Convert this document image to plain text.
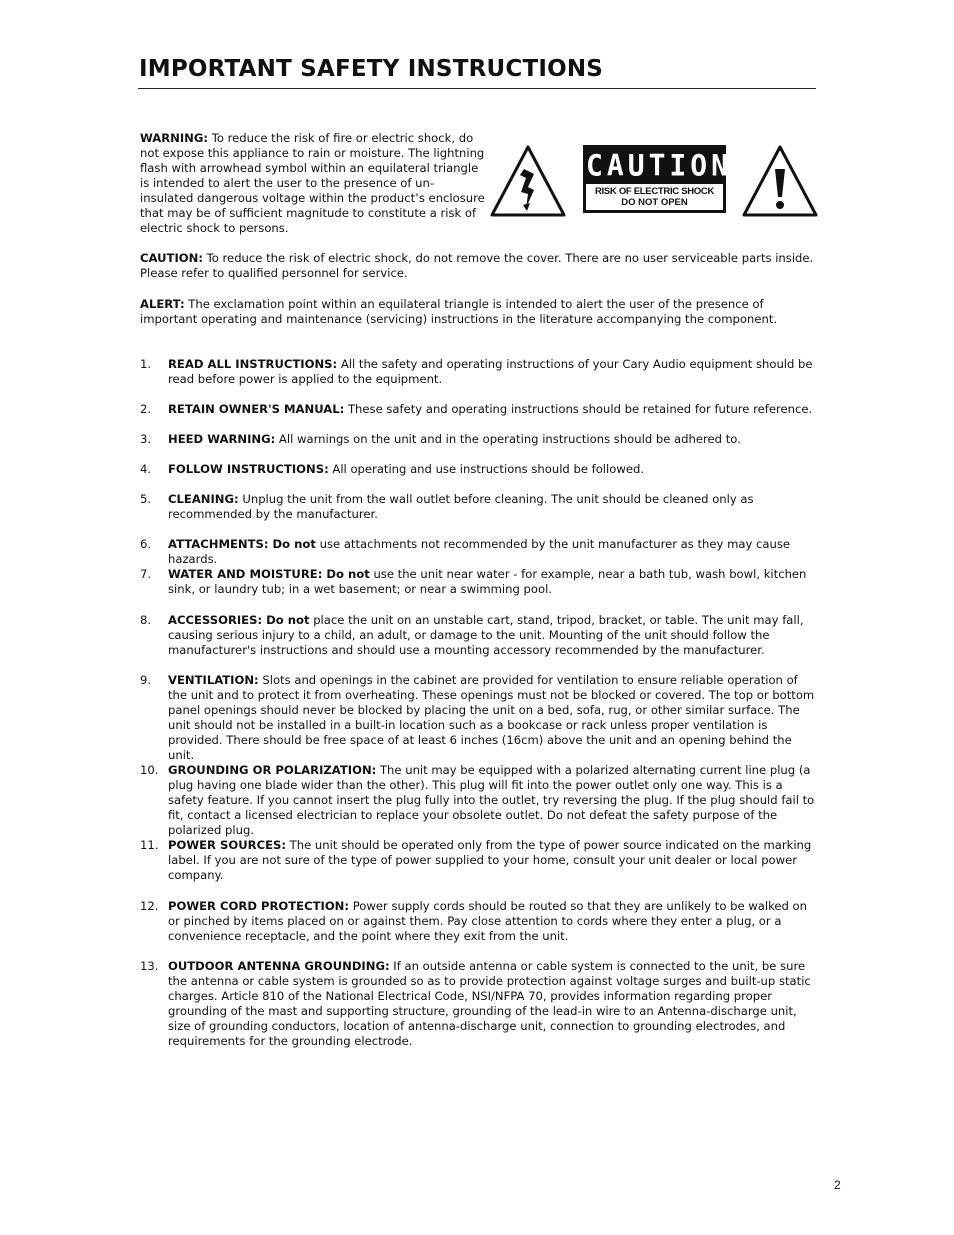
IMPORTANT SAFETY INSTRUCTIONS

WARNING: To reduce the risk of fire or electric shock, do not expose this appliance to rain or moisture. The lightning flash with arrowhead symbol within an equilateral triangle is intended to alert the user to the presence of un-insulated dangerous voltage within the product’s enclosure that may be of sufficient magnitude to constitute a risk of electric shock to persons.

CAUTION
RISK OF ELECTRIC SHOCK
DO NOT OPEN

CAUTION: To reduce the risk of electric shock, do not remove the cover. There are no user serviceable parts inside. Please refer to qualified personnel for service.

ALERT: The exclamation point within an equilateral triangle is intended to alert the user of the presence of important operating and maintenance (servicing) instructions in the literature accompanying the component.

1.	READ ALL INSTRUCTIONS: All the safety and operating instructions of your Cary Audio equipment should be read before power is applied to the equipment.
2.	RETAIN OWNER'S MANUAL: These safety and operating instructions should be retained for future reference.
3.	HEED WARNING: All warnings on the unit and in the operating instructions should be adhered to.
4.	FOLLOW INSTRUCTIONS: All operating and use instructions should be followed.
5.	CLEANING: Unplug the unit from the wall outlet before cleaning. The unit should be cleaned only as recommended by the manufacturer.
6.	ATTACHMENTS: Do not use attachments not recommended by the unit manufacturer as they may cause hazards.
7.	WATER AND MOISTURE: Do not use the unit near water - for example, near a bath tub, wash bowl, kitchen sink, or laundry tub; in a wet basement; or near a swimming pool.
8.	ACCESSORIES: Do not place the unit on an unstable cart, stand, tripod, bracket, or table. The unit may fall, causing serious injury to a child, an adult, or damage to the unit. Mounting of the unit should follow the manufacturer's instructions and should use a mounting accessory recommended by the manufacturer.
9.	VENTILATION: Slots and openings in the cabinet are provided for ventilation to ensure reliable operation of the unit and to protect it from overheating. These openings must not be blocked or covered. The top or bottom panel openings should never be blocked by placing the unit on a bed, sofa, rug, or other similar surface. The unit should not be installed in a built-in location such as a bookcase or rack unless proper ventilation is provided. There should be free space of at least 6 inches (16cm) above the unit and an opening behind the unit.
10. GROUNDING OR POLARIZATION: The unit may be equipped with a polarized alternating current line plug (a plug having one blade wider than the other). This plug will fit into the power outlet only one way. This is a safety feature. If you cannot insert the plug fully into the outlet, try reversing the plug. If the plug should fail to fit, contact a licensed electrician to replace your obsolete outlet. Do not defeat the safety purpose of the polarized plug.
11. POWER SOURCES: The unit should be operated only from the type of power source indicated on the marking label. If you are not sure of the type of power supplied to your home, consult your unit dealer or local power company.
12. POWER CORD PROTECTION: Power supply cords should be routed so that they are unlikely to be walked on or pinched by items placed on or against them. Pay close attention to cords where they enter a plug, or a convenience receptacle, and the point where they exit from the unit.
13. OUTDOOR ANTENNA GROUNDING: If an outside antenna or cable system is connected to the unit, be sure the antenna or cable system is grounded so as to provide protection against voltage surges and built-up static charges. Article 810 of the National Electrical Code, NSI/NFPA 70, provides information regarding proper grounding of the mast and supporting structure, grounding of the lead-in wire to an Antenna-discharge unit, size of grounding conductors, location of antenna-discharge unit, connection to grounding electrodes, and requirements for the grounding electrode.
2
